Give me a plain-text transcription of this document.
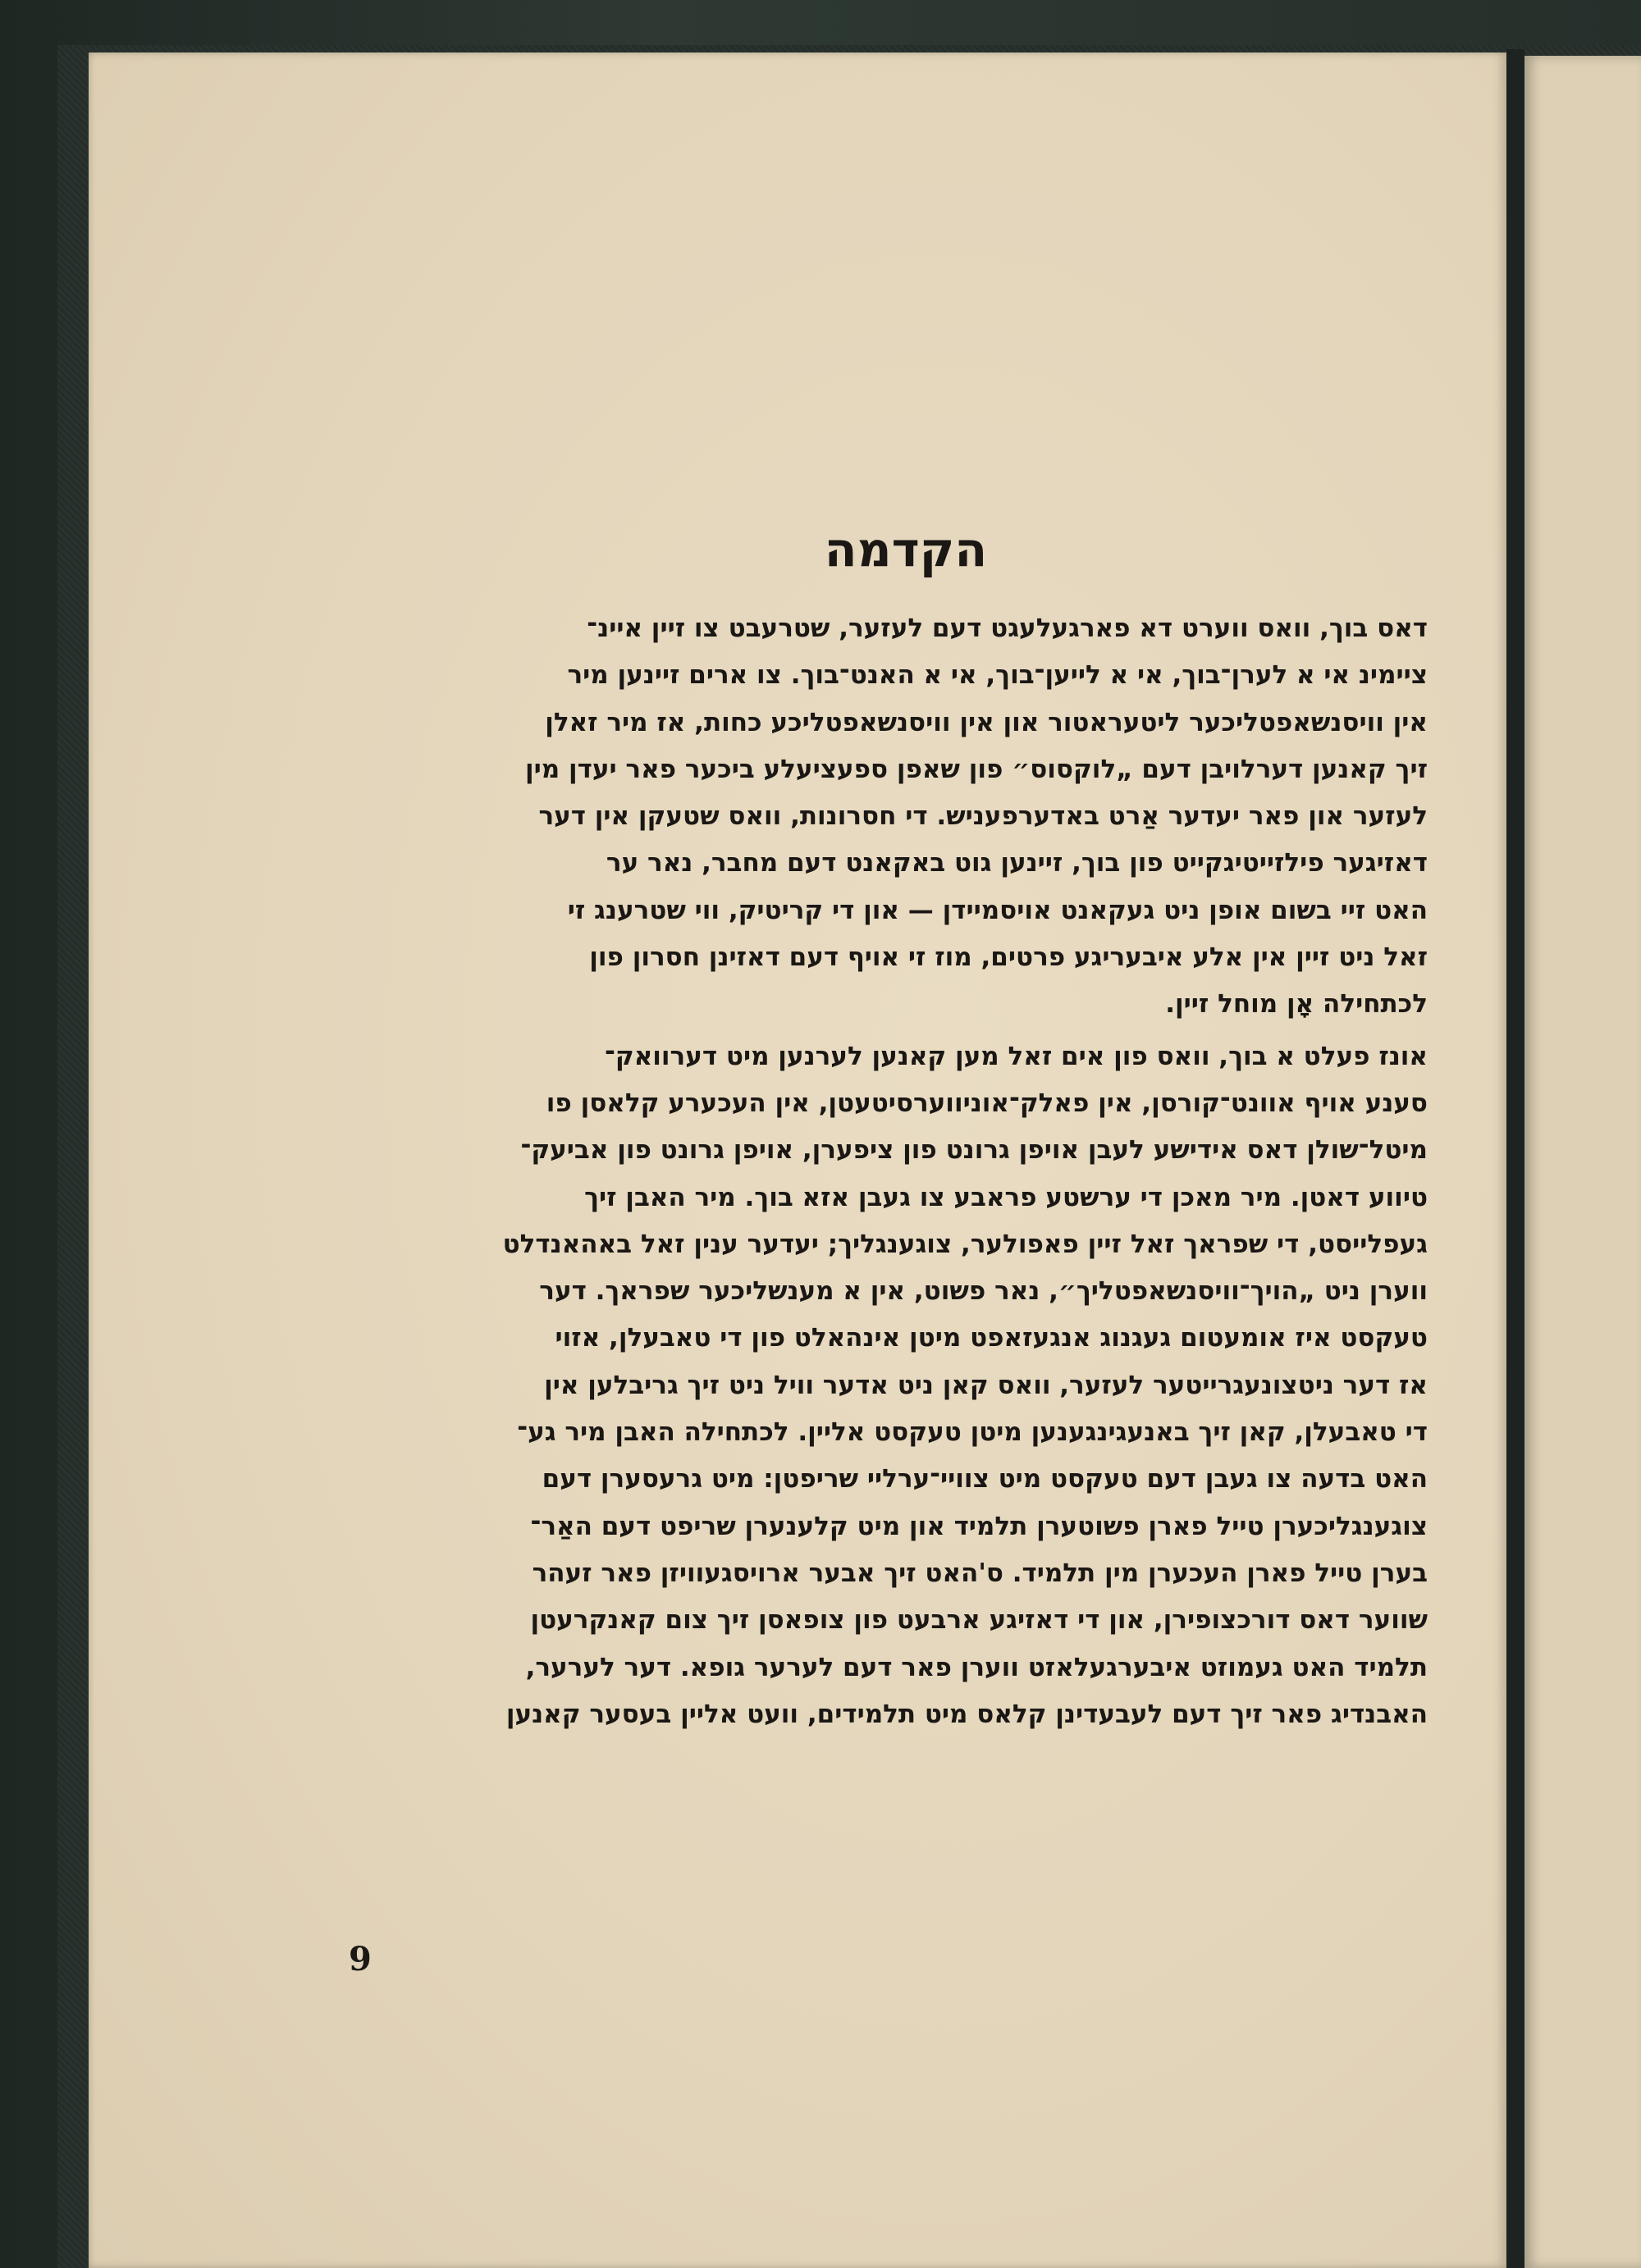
הקדמה

דאס בוך, וואס ווערט דא פארגעלעגט דעם לעזער, שטרעבט צו זיין איינ־
ציימינ אי א לערן־בוך, אי א לייען־בוך, אי א האנט־בוך. צו ארים זיינען מיר
אין וויסנשאפטליכער ליטעראטור און אין וויסנשאפטליכע כחות, אז מיר זאלן
זיך קאנען דערלויבן דעם „לוקסוס״ פון שאפן ספעציעלע ביכער פאר יעדן מין
לעזער און פאר יעדער אַרט באדערפעניש. די חסרונות, וואס שטעקן אין דער
דאזיגער פילזייטיגקייט פון בוך, זיינען גוט באקאנט דעם מחבר, נאר ער
האט זיי בשום אופן ניט געקאנט אויסמיידן — און די קריטיק, ווי שטרענג זי
זאל ניט זיין אין אלע איבעריגע פרטים, מוז זי אויף דעם דאזינן חסרון פון
לכתחילה אָן מוחל זיין.

אונז פעלט א בוך, וואס פון אים זאל מען קאנען לערנען מיט דערוואק־
סענע אויף אוונט־קורסן, אין פאלק־אוניווערסיטעטן, אין העכערע קלאסן פו
מיטל־שולן דאס אידישע לעבן אויפן גרונט פון ציפערן, אויפן גרונט פון אביעק־
טיווע דאטן. מיר מאכן די ערשטע פראבע צו געבן אזא בוך. מיר האבן זיך
געפלייסט, די שפראך זאל זיין פאפולער, צוגענגליך; יעדער ענין זאל באהאנדלט
ווערן ניט „הויך־וויסנשאפטליך״, נאר פשוט, אין א מענשליכער שפראך. דער
טעקסט איז אומעטום געגנוג אנגעזאפט מיטן אינהאלט פון די טאבעלן, אזוי
אז דער ניטצונעגרייטער לעזער, וואס קאן ניט אדער וויל ניט זיך גריבלען אין
די טאבעלן, קאן זיך באנעגינגענען מיטן טעקסט אליין. לכתחילה האבן מיר גע־
האט בדעה צו געבן דעם טעקסט מיט צוויי־ערליי שריפטן: מיט גרעסערן דעם
צוגענגליכערן טייל פארן פשוטערן תלמיד און מיט קלענערן שריפט דעם האַר־
בערן טייל פארן העכערן מין תלמיד. ס'האט זיך אבער ארויסגעוויזן פאר זעהר
שווער דאס דורכצופירן, און די דאזיגע ארבעט פון צופאסן זיך צום קאנקרעטן
תלמיד האט געמוזט איבערגעלאזט ווערן פאר דעם לערער גופא. דער לערער,
האבנדיג פאר זיך דעם לעבעדינן קלאס מיט תלמידים, וועט אליין בעסער קאנען

9
